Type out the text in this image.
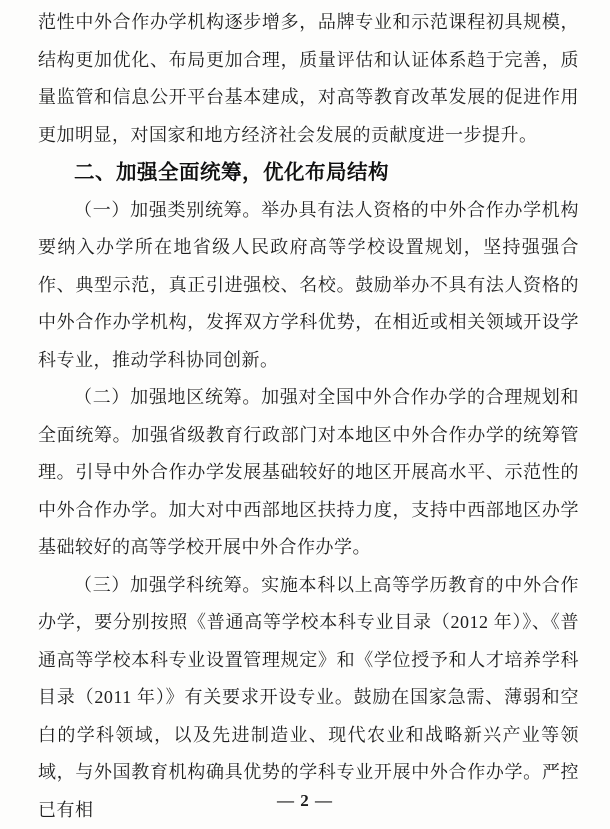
范性中外合作办学机构逐步增多，品牌专业和示范课程初具规模，结构更加优化、布局更加合理，质量评估和认证体系趋于完善，质量监管和信息公开平台基本建成，对高等教育改革发展的促进作用更加明显，对国家和地方经济社会发展的贡献度进一步提升。

二、加强全面统筹，优化布局结构

（一）加强类别统筹。举办具有法人资格的中外合作办学机构要纳入办学所在地省级人民政府高等学校设置规划，坚持强强合作、典型示范，真正引进强校、名校。鼓励举办不具有法人资格的中外合作办学机构，发挥双方学科优势，在相近或相关领域开设学科专业，推动学科协同创新。

（二）加强地区统筹。加强对全国中外合作办学的合理规划和全面统筹。加强省级教育行政部门对本地区中外合作办学的统筹管理。引导中外合作办学发展基础较好的地区开展高水平、示范性的中外合作办学。加大对中西部地区扶持力度，支持中西部地区办学基础较好的高等学校开展中外合作办学。

（三）加强学科统筹。实施本科以上高等学历教育的中外合作办学，要分别按照《普通高等学校本科专业目录（2012 年）》、《普通高等学校本科专业设置管理规定》和《学位授予和人才培养学科目录（2011 年）》有关要求开设专业。鼓励在国家急需、薄弱和空白的学科领域，以及先进制造业、现代农业和战略新兴产业等领域，与外国教育机构确具优势的学科专业开展中外合作办学。严控已有相	— 2 —
